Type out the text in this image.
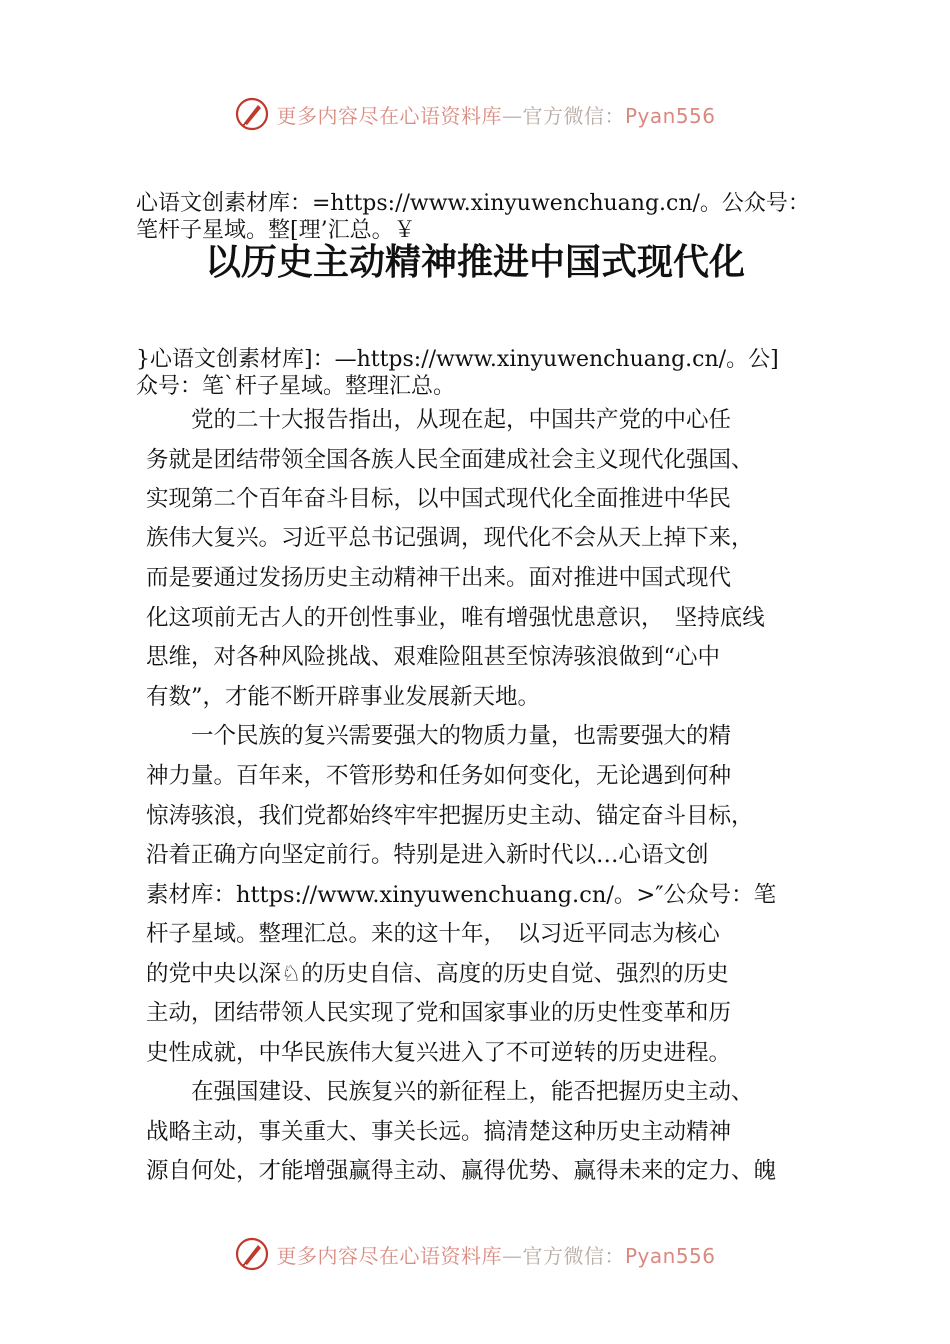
更多内容尽在心语资料库—官方微信：Pyan556
心语文创素材库：=https://www.xinyuwenchuang.cn/。公众号：
笔杆子星域。整[理’汇总。￥
以历史主动精神推进中国式现代化
}心语文创素材库]：—https://www.xinyuwenchuang.cn/。公]
众号：笔`杆子星域。整理汇总。
　　党的二十大报告指出，从现在起，中国共产党的中心任
务就是团结带领全国各族人民全面建成社会主义现代化强国、
实现第二个百年奋斗目标，以中国式现代化全面推进中华民
族伟大复兴。习近平总书记强调，现代化不会从天上掉下来，
而是要通过发扬历史主动精神干出来。面对推进中国式现代
化这项前无古人的开创性事业，唯有增强忧患意识，　坚持底线
思维，对各种风险挑战、艰难险阻甚至惊涛骇浪做到“心中
有数”，才能不断开辟事业发展新天地。
　　一个民族的复兴需要强大的物质力量，也需要强大的精
神力量。百年来，不管形势和任务如何变化，无论遇到何种
惊涛骇浪，我们党都始终牢牢把握历史主动、锚定奋斗目标，
沿着正确方向坚定前行。特别是进入新时代以…心语文创
素材库：https://www.xinyuwenchuang.cn/。>″公众号：笔
杆子星域。整理汇总。来的这十年，　以习近平同志为核心
的党中央以深♘的历史自信、高度的历史自觉、强烈的历史
主动，团结带领人民实现了党和国家事业的历史性变革和历
史性成就，中华民族伟大复兴进入了不可逆转的历史进程。
　　在强国建设、民族复兴的新征程上，能否把握历史主动、
战略主动，事关重大、事关长远。搞清楚这种历史主动精神
源自何处，才能增强赢得主动、赢得优势、赢得未来的定力、魄
更多内容尽在心语资料库—官方微信：Pyan556
